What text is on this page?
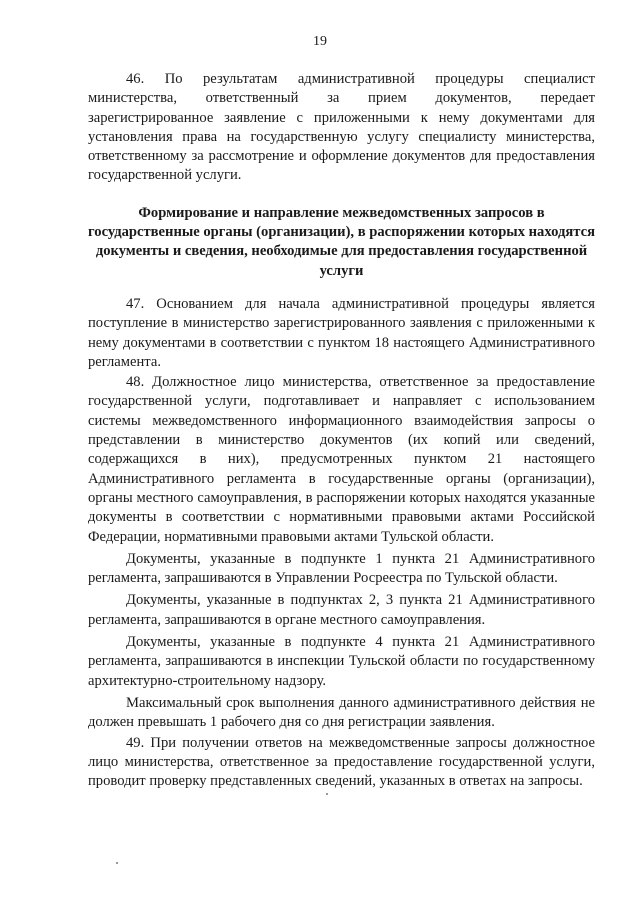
19

46. По результатам административной процедуры специалист министерства, ответственный за прием документов, передает зарегистрированное заявление с приложенными к нему документами для установления права на государственную услугу специалисту министерства, ответственному за рассмотрение и оформление документов для предоставления государственной услуги.

Формирование и направление межведомственных запросов в государственные органы (организации), в распоряжении которых находятся документы и сведения, необходимые для предоставления государственной услуги

47. Основанием для начала административной процедуры является поступление в министерство зарегистрированного заявления с приложенными к нему документами в соответствии с пунктом 18 настоящего Административного регламента.

48. Должностное лицо министерства, ответственное за предоставление государственной услуги, подготавливает и направляет с использованием системы межведомственного информационного взаимодействия запросы о представлении в министерство документов (их копий или сведений, содержащихся в них), предусмотренных пунктом 21 настоящего Административного регламента в государственные органы (организации), органы местного самоуправления, в распоряжении которых находятся указанные документы в соответствии с нормативными правовыми актами Российской Федерации, нормативными правовыми актами Тульской области.

Документы, указанные в подпункте 1 пункта 21 Административного регламента, запрашиваются в Управлении Росреестра по Тульской области.

Документы, указанные в подпунктах 2, 3 пункта 21 Административного регламента, запрашиваются в органе местного самоуправления.

Документы, указанные в подпункте 4 пункта 21 Административного регламента, запрашиваются в инспекции Тульской области по государственному архитектурно-строительному надзору.

Максимальный срок выполнения данного административного действия не должен превышать 1 рабочего дня со дня регистрации заявления.

49. При получении ответов на межведомственные запросы должностное лицо министерства, ответственное за предоставление государственной услуги, проводит проверку представленных сведений, указанных в ответах на запросы.
